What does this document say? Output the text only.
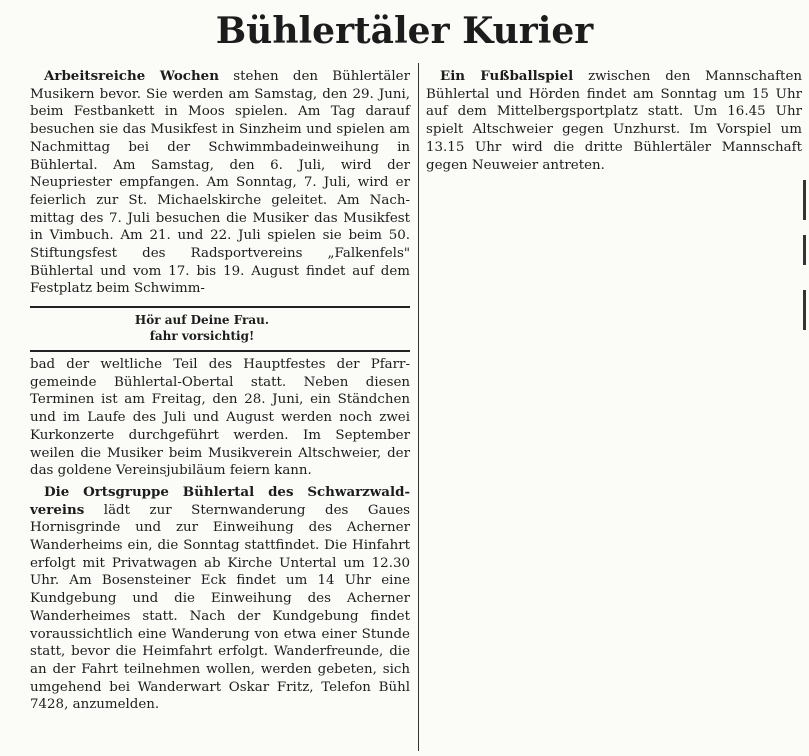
Bühlertäler Kurier

Arbeitsreiche Wochen stehen den Bühlertäler Musikern bevor. Sie werden am Samstag, den 29. Juni, beim Festbankett in Moos spielen. Am Tag darauf besuchen sie das Musikfest in Sinzheim und spielen am Nachmittag bei der Schwimmbadeinweihung in Bühlertal. Am Samstag, den 6. Juli, wird der Neupriester empfangen. Am Sonntag, 7. Juli, wird er feierlich zur St. Michaelskirche geleitet. Am Nachmittag des 7. Juli besuchen die Musiker das Musikfest in Vimbuch. Am 21. und 22. Juli spielen sie beim 50. Stiftungsfest des Radsportvereins „Falkenfels" Bühlertal und vom 17. bis 19. August findet auf dem Festplatz beim Schwimm-

Hör auf Deine Frau.
fahr vorsichtig!

bad der weltliche Teil des Hauptfestes der Pfarrgemeinde Bühlertal-Obertal statt. Neben diesen Terminen ist am Freitag, den 28. Juni, ein Ständchen und im Laufe des Juli und August werden noch zwei Kurkonzerte durchgeführt werden. Im September weilen die Musiker beim Musikverein Altschweier, der das goldene Vereinsjubiläum feiern kann.

Die Ortsgruppe Bühlertal des Schwarzwaldvereins lädt zur Sternwanderung des Gaues Hornisgrinde und zur Einweihung des Acherner Wanderheims ein, die Sonntag stattfindet. Die Hinfahrt erfolgt mit Privatwagen ab Kirche Untertal um 12.30 Uhr. Am Bosensteiner Eck findet um 14 Uhr eine Kundgebung und die Einweihung des Acherner Wanderheimes statt. Nach der Kundgebung findet voraussichtlich eine Wanderung von etwa einer Stunde statt, bevor die Heimfahrt erfolgt. Wanderfreunde, die an der Fahrt teilnehmen wollen, werden gebeten, sich umgehend bei Wanderwart Oskar Fritz, Telefon Bühl 7428, anzumelden.

Ein Fußballspiel zwischen den Mannschaften Bühlertal und Hörden findet am Sonntag um 15 Uhr auf dem Mittelbergsportplatz statt. Um 16.45 Uhr spielt Altschweier gegen Unzhurst. Im Vorspiel um 13.15 Uhr wird die dritte Bühlertäler Mannschaft gegen Neuweier antreten.
